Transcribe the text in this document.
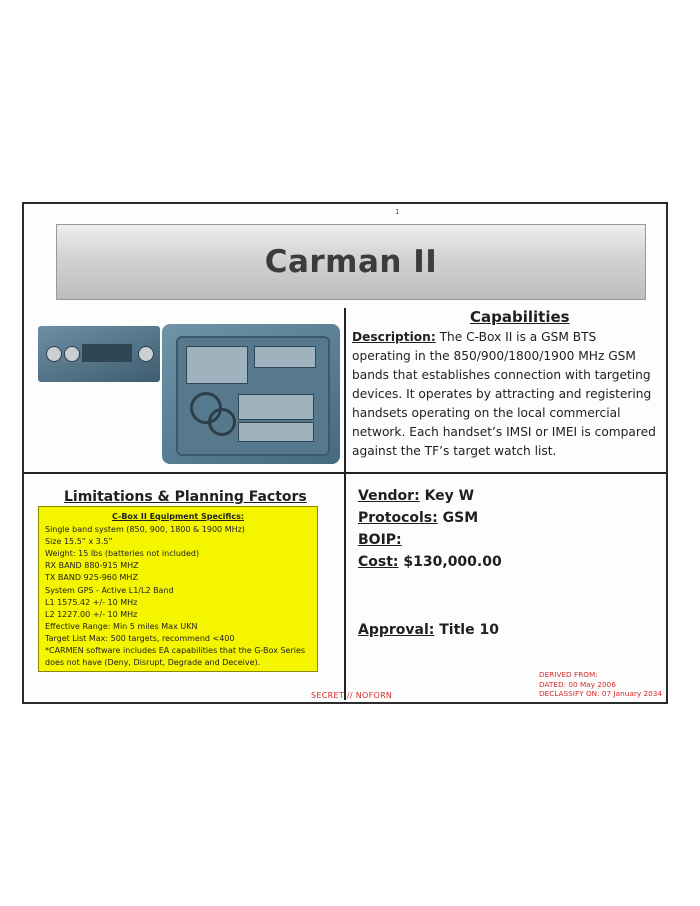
1
Carman II
Capabilities
Description: The C-Box II is a GSM BTS operating in the 850/900/1800/1900 MHz GSM bands that establishes connection with targeting devices. It operates by attracting and registering handsets operating on the local commercial network. Each handset’s IMSI or IMEI is compared against the TF’s target watch list.
Limitations & Planning Factors
C-Box II Equipment Specifics:
Single band system (850, 900, 1800 & 1900 MHz)
Size 15.5” x 3.5”
Weight: 15 lbs (batteries not included)
RX BAND 880-915 MHZ
TX BAND 925-960 MHZ
System GPS - Active L1/L2 Band
L1 1575.42 +/- 10 MHz
L2 1227.00 +/- 10 MHz
Effective Range: Min 5 miles Max UKN
Target List Max: 500 targets, recommend <400
*CARMEN software includes EA capabilities that the G-Box Series does not have (Deny, Disrupt, Degrade and Deceive).
Vendor: Key W
Protocols: GSM
BOIP:
Cost: $130,000.00
Approval: Title 10
SECRET // NOFORN
DERIVED FROM:
DATED: 00 May 2006
DECLASSIFY ON: 07 January 2034
